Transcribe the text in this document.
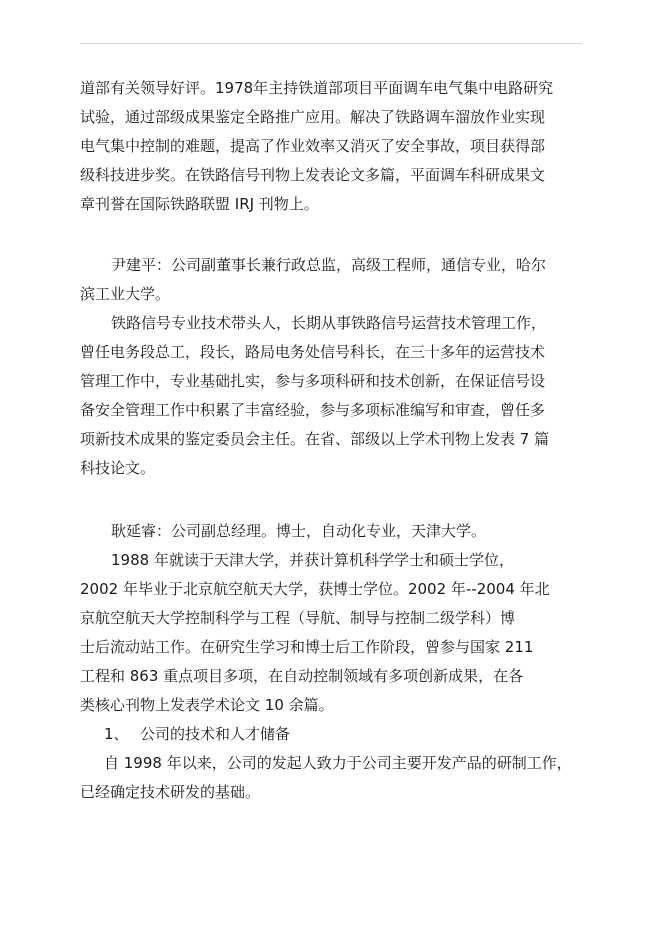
道部有关领导好评。1978年主持铁道部项目平面调车电气集中电路研究
试验，通过部级成果鉴定全路推广应用。解决了铁路调车溜放作业实现
电气集中控制的难题，提高了作业效率又消灭了安全事故，项目获得部
级科技进步奖。在铁路信号刊物上发表论文多篇，平面调车科研成果文
章刊誉在国际铁路联盟 IRJ 刊物上。
尹建平：公司副董事长兼行政总监，高级工程师，通信专业，哈尔
滨工业大学。
铁路信号专业技术带头人，长期从事铁路信号运营技术管理工作，
曾任电务段总工，段长，路局电务处信号科长，在三十多年的运营技术
管理工作中，专业基础扎实，参与多项科研和技术创新，在保证信号设
备安全管理工作中积累了丰富经验，参与多项标准编写和审查，曾任多
项新技术成果的鉴定委员会主任。在省、部级以上学术刊物上发表 7 篇
科技论文。
耿延睿：公司副总经理。博士，自动化专业，天津大学。
1988 年就读于天津大学，并获计算机科学学士和硕士学位，
2002 年毕业于北京航空航天大学，获博士学位。2002 年--2004 年北
京航空航天大学控制科学与工程（导航、制导与控制二级学科）博
士后流动站工作。在研究生学习和博士后工作阶段，曾参与国家 211
工程和 863 重点项目多项，在自动控制领域有多项创新成果，在各
类核心刊物上发表学术论文 10 余篇。
1、 公司的技术和人才储备
自 1998 年以来，公司的发起人致力于公司主要开发产品的研制工作，
已经确定技术研发的基础。
